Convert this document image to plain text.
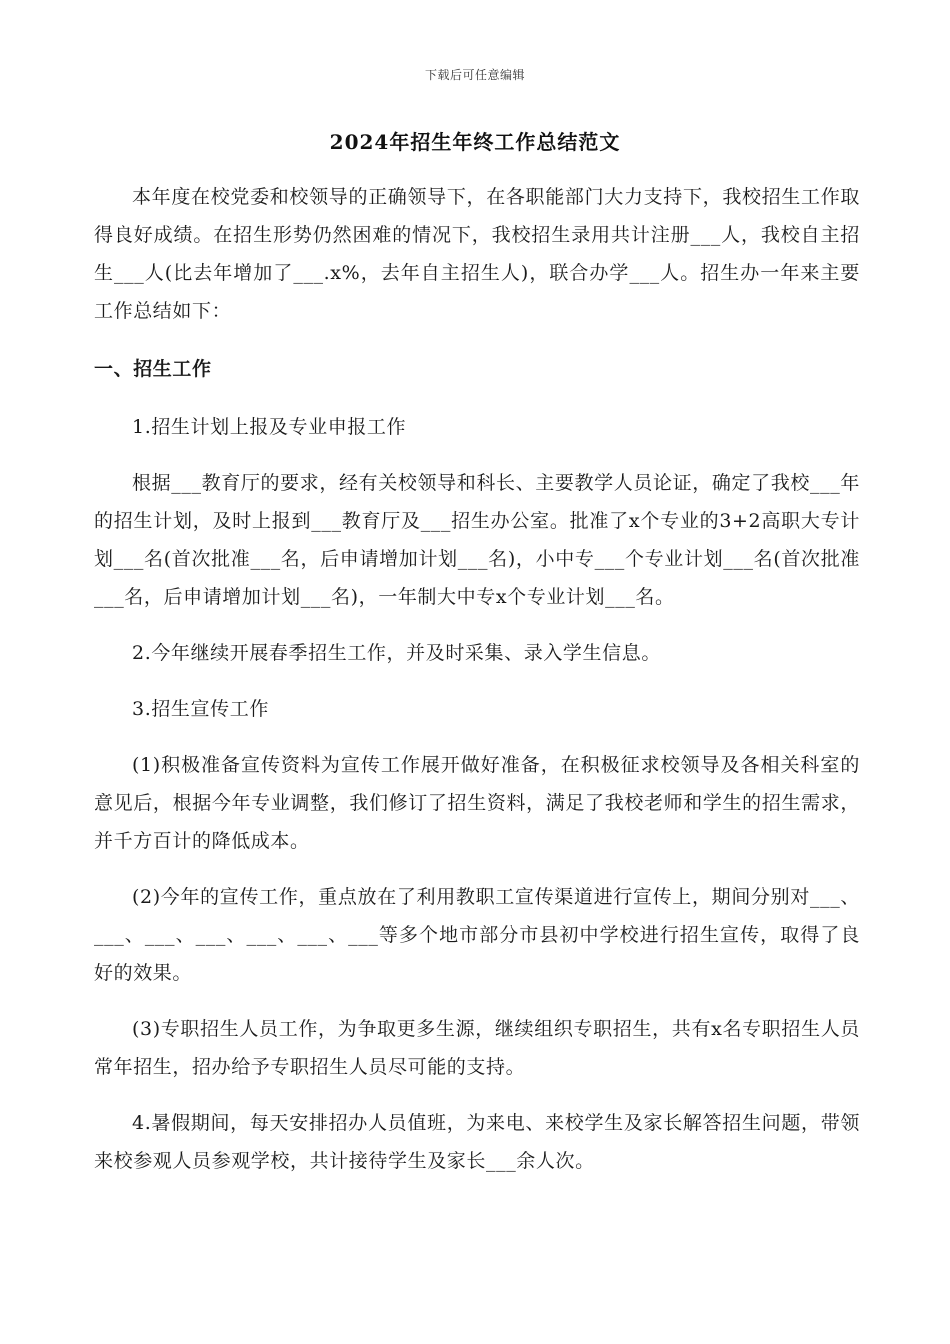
下载后可任意编辑
2024年招生年终工作总结范文

本年度在校党委和校领导的正确领导下，在各职能部门大力支持下，我校招生工作取得良好成绩。在招生形势仍然困难的情况下，我校招生录用共计注册___人，我校自主招生___人(比去年增加了___.x%，去年自主招生人)，联合办学___人。招生办一年来主要工作总结如下：

一、招生工作

1.招生计划上报及专业申报工作

根据___教育厅的要求，经有关校领导和科长、主要教学人员论证，确定了我校___年的招生计划，及时上报到___教育厅及___招生办公室。批准了x个专业的3+2高职大专计划___名(首次批准___名，后申请增加计划___名)，小中专___个专业计划___名(首次批准___名，后申请增加计划___名)，一年制大中专x个专业计划___名。

2.今年继续开展春季招生工作，并及时采集、录入学生信息。

3.招生宣传工作

(1)积极准备宣传资料为宣传工作展开做好准备，在积极征求校领导及各相关科室的意见后，根据今年专业调整，我们修订了招生资料，满足了我校老师和学生的招生需求，并千方百计的降低成本。

(2)今年的宣传工作，重点放在了利用教职工宣传渠道进行宣传上，期间分别对___、___、___、___、___、___、___等多个地市部分市县初中学校进行招生宣传，取得了良好的效果。

(3)专职招生人员工作，为争取更多生源，继续组织专职招生，共有x名专职招生人员常年招生，招办给予专职招生人员尽可能的支持。

4.暑假期间，每天安排招办人员值班，为来电、来校学生及家长解答招生问题，带领来校参观人员参观学校，共计接待学生及家长___余人次。
